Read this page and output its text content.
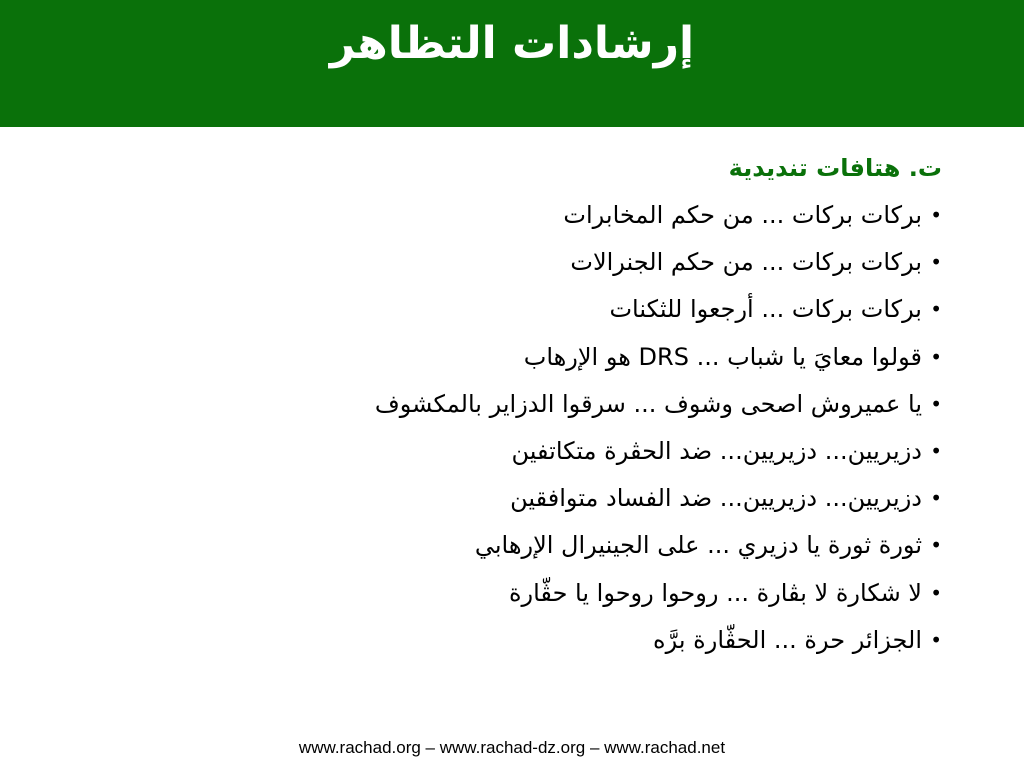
إرشادات التظاهر
ت. هتافات تنديدية
•
بركات بركات ... من حكم المخابرات
•
بركات بركات ... من حكم الجنرالات
•
بركات بركات ... أرجعوا للثكنات
•
قولوا معايَ يا شباب ... DRS هو الإرهاب
•
يا عميروش اصحى وشوف ... سرقوا الدزاير بالمكشوف
•
دزيريين... دزيريين... ضد الحڤرة متكاتفين
•
دزيريين... دزيريين... ضد الفساد متوافقين
•
ثورة ثورة يا دزيري ... على الجينيرال الإرهابي
•
لا شكارة لا بڤارة ... روحوا روحوا يا حڤّارة
•
الجزائر حرة ... الحڤّارة برَّه
www.rachad.org – www.rachad-dz.org – www.rachad.net
